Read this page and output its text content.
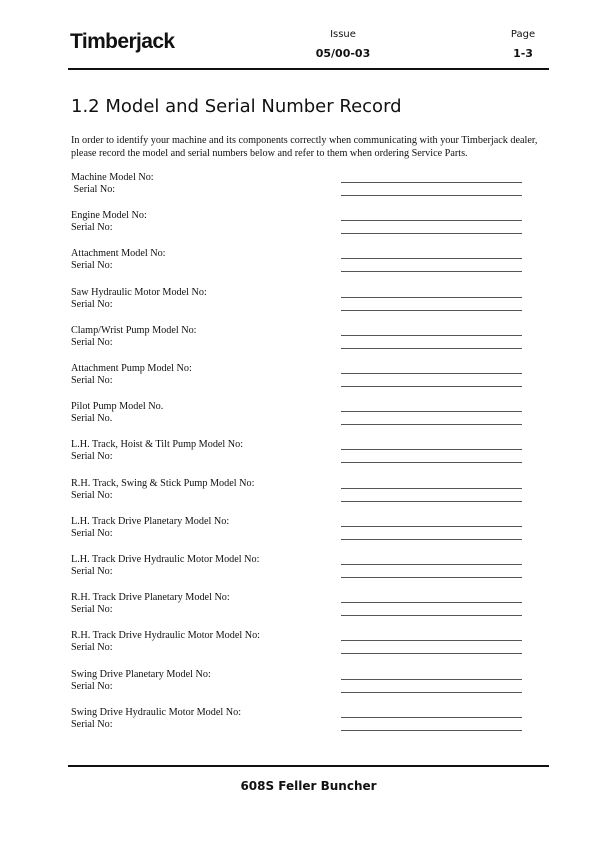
Timberjack	Issue
05/00-03
Page
1-3
1.2 Model and Serial Number Record
In order to identify your machine and its components correctly when communicating with your Timberjack dealer, please record the model and serial numbers below and refer to them when ordering Service Parts.
Machine Model No:
Serial No:
Engine Model No:
Serial No:
Attachment Model No:
Serial No:
Saw Hydraulic Motor Model No:
Serial No:
Clamp/Wrist Pump Model No:
Serial No:
Attachment Pump Model No:
Serial No:
Pilot Pump Model No.
Serial No.
L.H. Track, Hoist & Tilt Pump Model No:
Serial No:
R.H. Track, Swing & Stick Pump Model No:
Serial No:
L.H. Track Drive Planetary Model No:
Serial No:
L.H. Track Drive Hydraulic Motor Model No:
Serial No:
R.H. Track Drive Planetary Model No:
Serial No:
R.H. Track Drive Hydraulic Motor Model No:
Serial No:
Swing Drive Planetary Model No:
Serial No:
Swing Drive Hydraulic Motor Model No:
Serial No:
608S Feller Buncher
